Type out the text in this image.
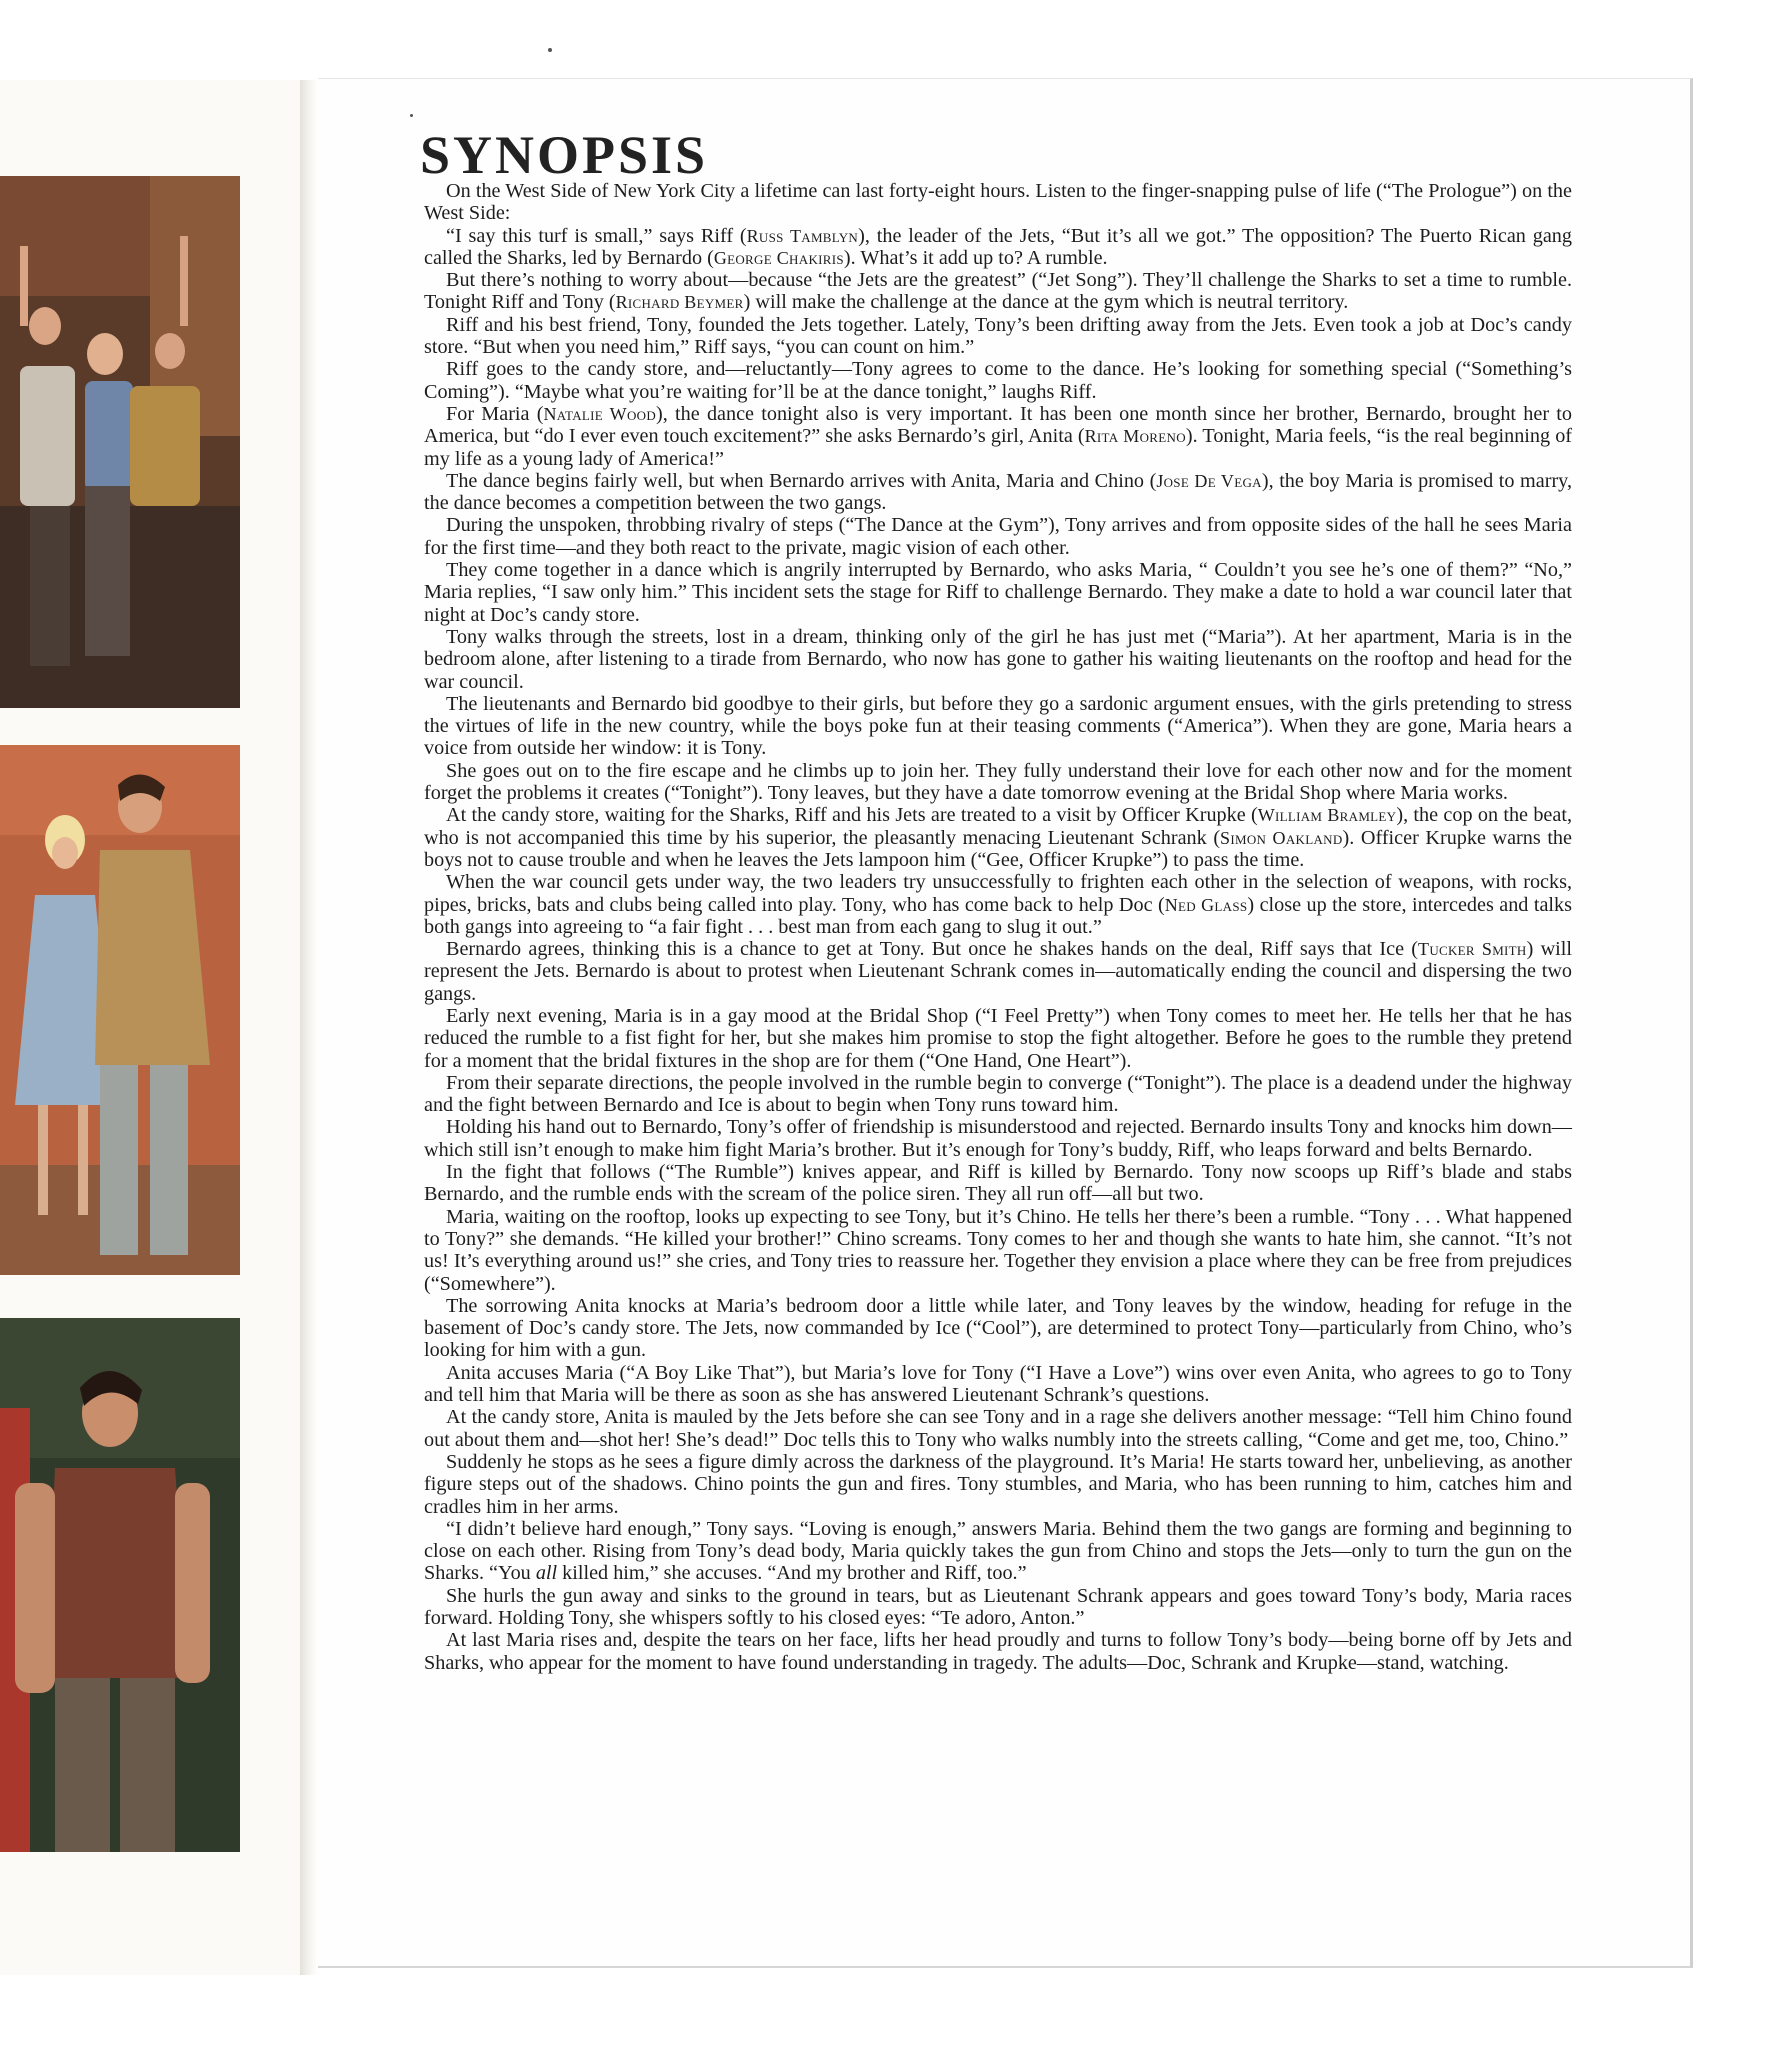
SYNOPSIS

On the West Side of New York City a lifetime can last forty-eight hours. Listen to the finger-snapping pulse of life (“The Prologue”) on the West Side:

“I say this turf is small,” says Riff (Russ Tamblyn), the leader of the Jets, “But it’s all we got.” The opposition? The Puerto Rican gang called the Sharks, led by Bernardo (George Chakiris). What’s it add up to? A rumble.

But there’s nothing to worry about—because “the Jets are the greatest” (“Jet Song”). They’ll challenge the Sharks to set a time to rumble. Tonight Riff and Tony (Richard Beymer) will make the challenge at the dance at the gym which is neutral territory.

Riff and his best friend, Tony, founded the Jets together. Lately, Tony’s been drifting away from the Jets. Even took a job at Doc’s candy store. “But when you need him,” Riff says, “you can count on him.”

Riff goes to the candy store, and—reluctantly—Tony agrees to come to the dance. He’s looking for something special (“Something’s Coming”). “Maybe what you’re waiting for’ll be at the dance tonight,” laughs Riff.

For Maria (Natalie Wood), the dance tonight also is very important. It has been one month since her brother, Bernardo, brought her to America, but “do I ever even touch excitement?” she asks Bernardo’s girl, Anita (Rita Moreno). Tonight, Maria feels, “is the real beginning of my life as a young lady of America!”

The dance begins fairly well, but when Bernardo arrives with Anita, Maria and Chino (Jose De Vega), the boy Maria is promised to marry, the dance becomes a competition between the two gangs.

During the unspoken, throbbing rivalry of steps (“The Dance at the Gym”), Tony arrives and from opposite sides of the hall he sees Maria for the first time—and they both react to the private, magic vision of each other.

They come together in a dance which is angrily interrupted by Bernardo, who asks Maria, “ Couldn’t you see he’s one of them?” “No,” Maria replies, “I saw only him.” This incident sets the stage for Riff to challenge Bernardo. They make a date to hold a war council later that night at Doc’s candy store.

Tony walks through the streets, lost in a dream, thinking only of the girl he has just met (“Maria”). At her apartment, Maria is in the bedroom alone, after listening to a tirade from Bernardo, who now has gone to gather his waiting lieutenants on the rooftop and head for the war council.

The lieutenants and Bernardo bid goodbye to their girls, but before they go a sardonic argument ensues, with the girls pretending to stress the virtues of life in the new country, while the boys poke fun at their teasing comments (“America”). When they are gone, Maria hears a voice from outside her window: it is Tony.

She goes out on to the fire escape and he climbs up to join her. They fully understand their love for each other now and for the moment forget the problems it creates (“Tonight”). Tony leaves, but they have a date tomorrow evening at the Bridal Shop where Maria works.

At the candy store, waiting for the Sharks, Riff and his Jets are treated to a visit by Officer Krupke (William Bramley), the cop on the beat, who is not accompanied this time by his superior, the pleasantly menacing Lieutenant Schrank (Simon Oakland). Officer Krupke warns the boys not to cause trouble and when he leaves the Jets lampoon him (“Gee, Officer Krupke”) to pass the time.

When the war council gets under way, the two leaders try unsuccessfully to frighten each other in the selection of weapons, with rocks, pipes, bricks, bats and clubs being called into play. Tony, who has come back to help Doc (Ned Glass) close up the store, intercedes and talks both gangs into agreeing to “a fair fight . . . best man from each gang to slug it out.”

Bernardo agrees, thinking this is a chance to get at Tony. But once he shakes hands on the deal, Riff says that Ice (Tucker Smith) will represent the Jets. Bernardo is about to protest when Lieutenant Schrank comes in—automatically ending the council and dispersing the two gangs.

Early next evening, Maria is in a gay mood at the Bridal Shop (“I Feel Pretty”) when Tony comes to meet her. He tells her that he has reduced the rumble to a fist fight for her, but she makes him promise to stop the fight altogether. Before he goes to the rumble they pretend for a moment that the bridal fixtures in the shop are for them (“One Hand, One Heart”).

From their separate directions, the people involved in the rumble begin to converge (“Tonight”). The place is a deadend under the highway and the fight between Bernardo and Ice is about to begin when Tony runs toward him.

Holding his hand out to Bernardo, Tony’s offer of friendship is misunderstood and rejected. Bernardo insults Tony and knocks him down—which still isn’t enough to make him fight Maria’s brother. But it’s enough for Tony’s buddy, Riff, who leaps forward and belts Bernardo.

In the fight that follows (“The Rumble”) knives appear, and Riff is killed by Bernardo. Tony now scoops up Riff’s blade and stabs Bernardo, and the rumble ends with the scream of the police siren. They all run off—all but two.

Maria, waiting on the rooftop, looks up expecting to see Tony, but it’s Chino. He tells her there’s been a rumble. “Tony . . . What happened to Tony?” she demands. “He killed your brother!” Chino screams. Tony comes to her and though she wants to hate him, she cannot. “It’s not us! It’s everything around us!” she cries, and Tony tries to reassure her. Together they envision a place where they can be free from prejudices (“Somewhere”).

The sorrowing Anita knocks at Maria’s bedroom door a little while later, and Tony leaves by the window, heading for refuge in the basement of Doc’s candy store. The Jets, now commanded by Ice (“Cool”), are determined to protect Tony—particularly from Chino, who’s looking for him with a gun.

Anita accuses Maria (“A Boy Like That”), but Maria’s love for Tony (“I Have a Love”) wins over even Anita, who agrees to go to Tony and tell him that Maria will be there as soon as she has answered Lieutenant Schrank’s questions.

At the candy store, Anita is mauled by the Jets before she can see Tony and in a rage she delivers another message: “Tell him Chino found out about them and—shot her! She’s dead!” Doc tells this to Tony who walks numbly into the streets calling, “Come and get me, too, Chino.”

Suddenly he stops as he sees a figure dimly across the darkness of the playground. It’s Maria! He starts toward her, unbelieving, as another figure steps out of the shadows. Chino points the gun and fires. Tony stumbles, and Maria, who has been running to him, catches him and cradles him in her arms.

“I didn’t believe hard enough,” Tony says. “Loving is enough,” answers Maria. Behind them the two gangs are forming and beginning to close on each other. Rising from Tony’s dead body, Maria quickly takes the gun from Chino and stops the Jets—only to turn the gun on the Sharks. “You all killed him,” she accuses. “And my brother and Riff, too.”

She hurls the gun away and sinks to the ground in tears, but as Lieutenant Schrank appears and goes toward Tony’s body, Maria races forward. Holding Tony, she whispers softly to his closed eyes: “Te adoro, Anton.”

At last Maria rises and, despite the tears on her face, lifts her head proudly and turns to follow Tony’s body—being borne off by Jets and Sharks, who appear for the moment to have found understanding in tragedy. The adults—Doc, Schrank and Krupke—stand, watching.
